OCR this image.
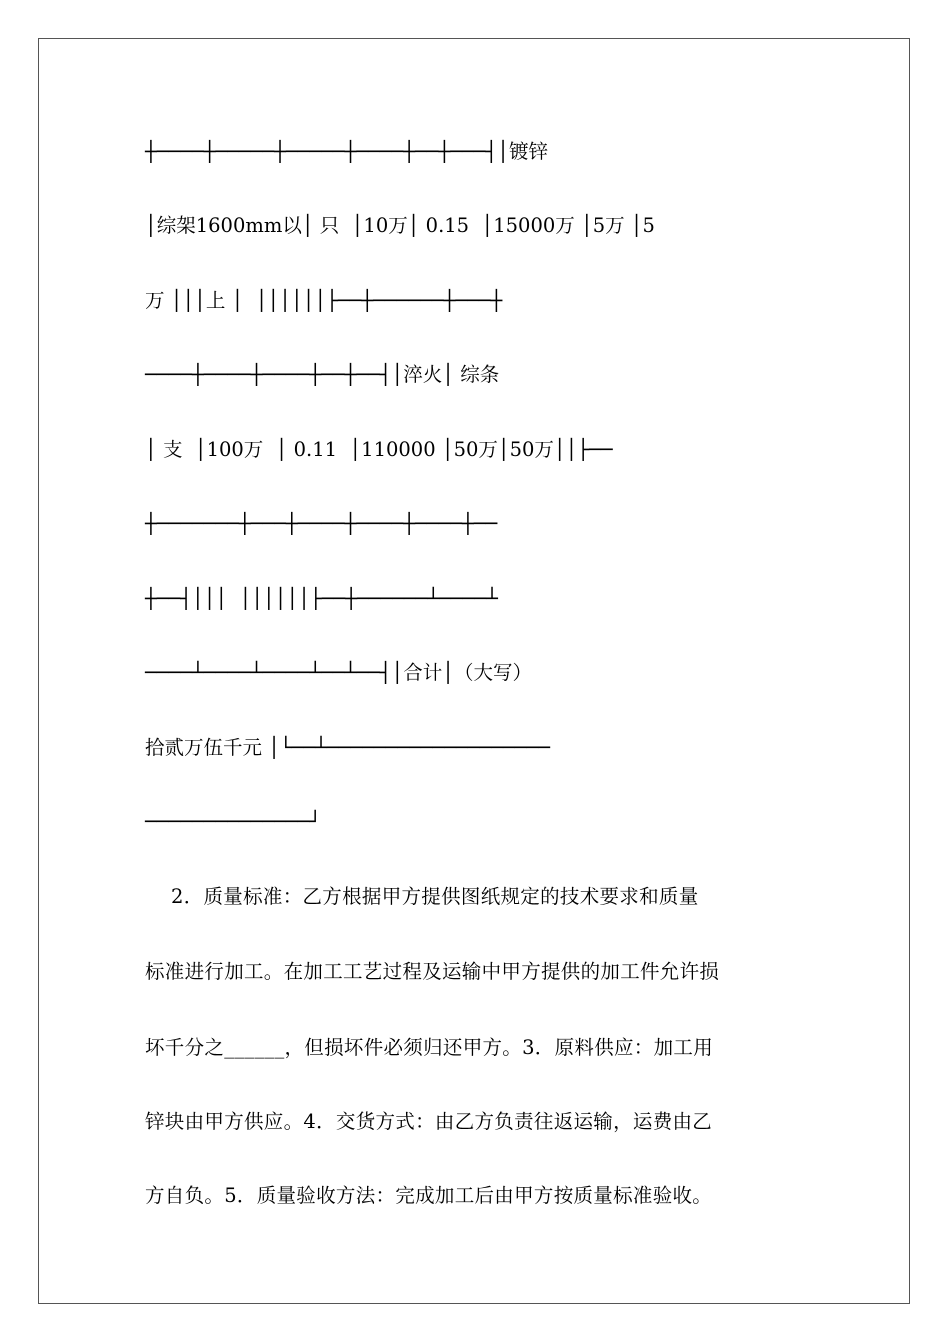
┼────┼─────┼─────┼────┼──┼───┤│镀锌
│综架1600mm以│ 只  │10万│ 0.15  │15000万 │5万 │5
万 │││上 │  ││││││├──┼──────┼───┼
────┼────┼────┼──┼──┤│淬火│ 综条
│ 支  │100万  │ 0.11  │110000 │50万│50万││├──
┼───────┼───┼────┼────┼────┼──
┼──┤│││  ││││││├──┼──────┴────┴
────┴────┴────┴──┴──┤│合计│（大写）
拾贰万伍千元 │└──┴───────────────────
──────────────┘
2．质量标准：乙方根据甲方提供图纸规定的技术要求和质量
标准进行加工。在加工工艺过程及运输中甲方提供的加工件允许损
坏千分之______，但损坏件必须归还甲方。3．原料供应：加工用
锌块由甲方供应。4．交货方式：由乙方负责往返运输，运费由乙
方自负。5．质量验收方法：完成加工后由甲方按质量标准验收。
